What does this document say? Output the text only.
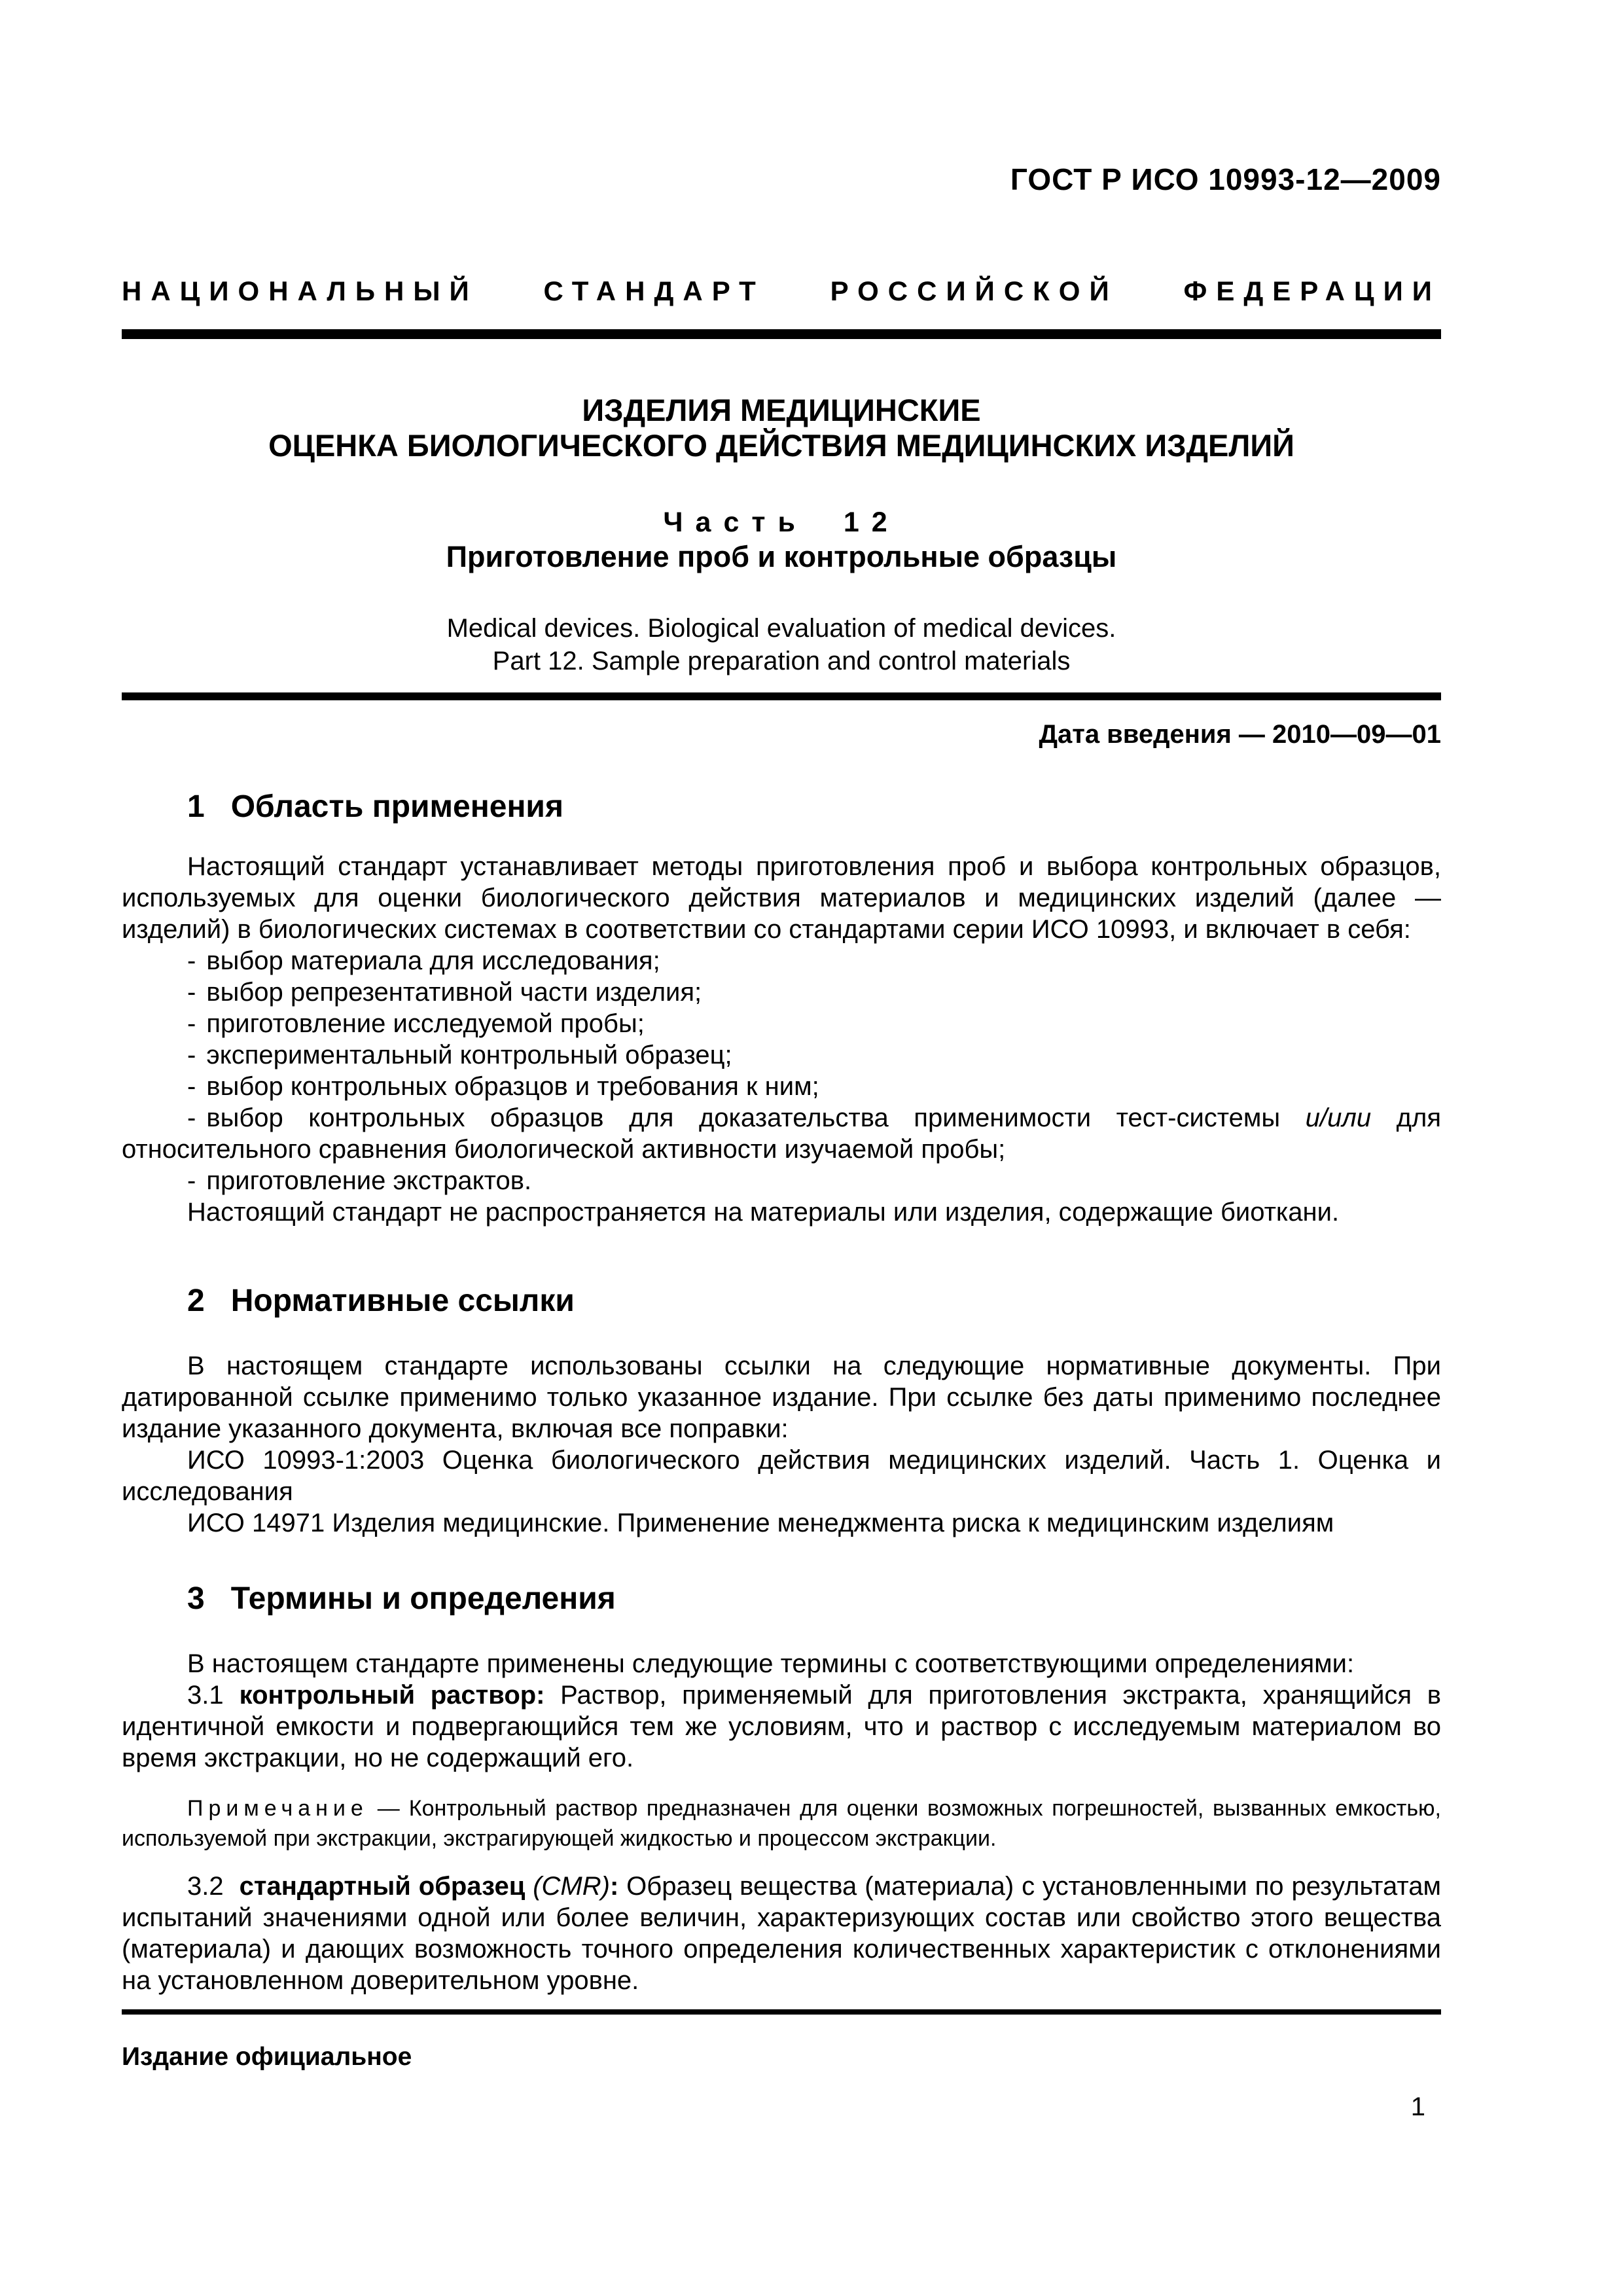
ГОСТ Р ИСО 10993-12—2009
НАЦИОНАЛЬНЫЙ СТАНДАРТ РОССИЙСКОЙ ФЕДЕРАЦИИ
ИЗДЕЛИЯ МЕДИЦИНСКИЕ
ОЦЕНКА БИОЛОГИЧЕСКОГО ДЕЙСТВИЯ МЕДИЦИНСКИХ ИЗДЕЛИЙ
Часть 12
Приготовление проб и контрольные образцы
Medical devices. Biological evaluation of medical devices.
Part 12. Sample preparation and control materials
Дата введения — 2010—09—01
1 Область применения
Настоящий стандарт устанавливает методы приготовления проб и выбора контрольных образцов, используемых для оценки биологического действия материалов и медицинских изделий (далее — изделий) в биологических системах в соответствии со стандартами серии ИСО 10993, и включает в себя:
- выбор материала для исследования;
- выбор репрезентативной части изделия;
- приготовление исследуемой пробы;
- экспериментальный контрольный образец;
- выбор контрольных образцов и требования к ним;
- выбор контрольных образцов для доказательства применимости тест-системы и/или для относительного сравнения биологической активности изучаемой пробы;
- приготовление экстрактов.
Настоящий стандарт не распространяется на материалы или изделия, содержащие биоткани.
2 Нормативные ссылки
В настоящем стандарте использованы ссылки на следующие нормативные документы. При датированной ссылке применимо только указанное издание. При ссылке без даты применимо последнее издание указанного документа, включая все поправки:
ИСО 10993-1:2003 Оценка биологического действия медицинских изделий. Часть 1. Оценка и исследования
ИСО 14971 Изделия медицинские. Применение менеджмента риска к медицинским изделиям
3 Термины и определения
В настоящем стандарте применены следующие термины с соответствующими определениями:
3.1 контрольный раствор: Раствор, применяемый для приготовления экстракта, хранящийся в идентичной емкости и подвергающийся тем же условиям, что и раствор с исследуемым материалом во время экстракции, но не содержащий его.
Примечание — Контрольный раствор предназначен для оценки возможных погрешностей, вызванных емкостью, используемой при экстракции, экстрагирующей жидкостью и процессом экстракции.
3.2 стандартный образец (CMR): Образец вещества (материала) с установленными по результатам испытаний значениями одной или более величин, характеризующих состав или свойство этого вещества (материала) и дающих возможность точного определения количественных характеристик с отклонениями на установленном доверительном уровне.
Издание официальное
1
